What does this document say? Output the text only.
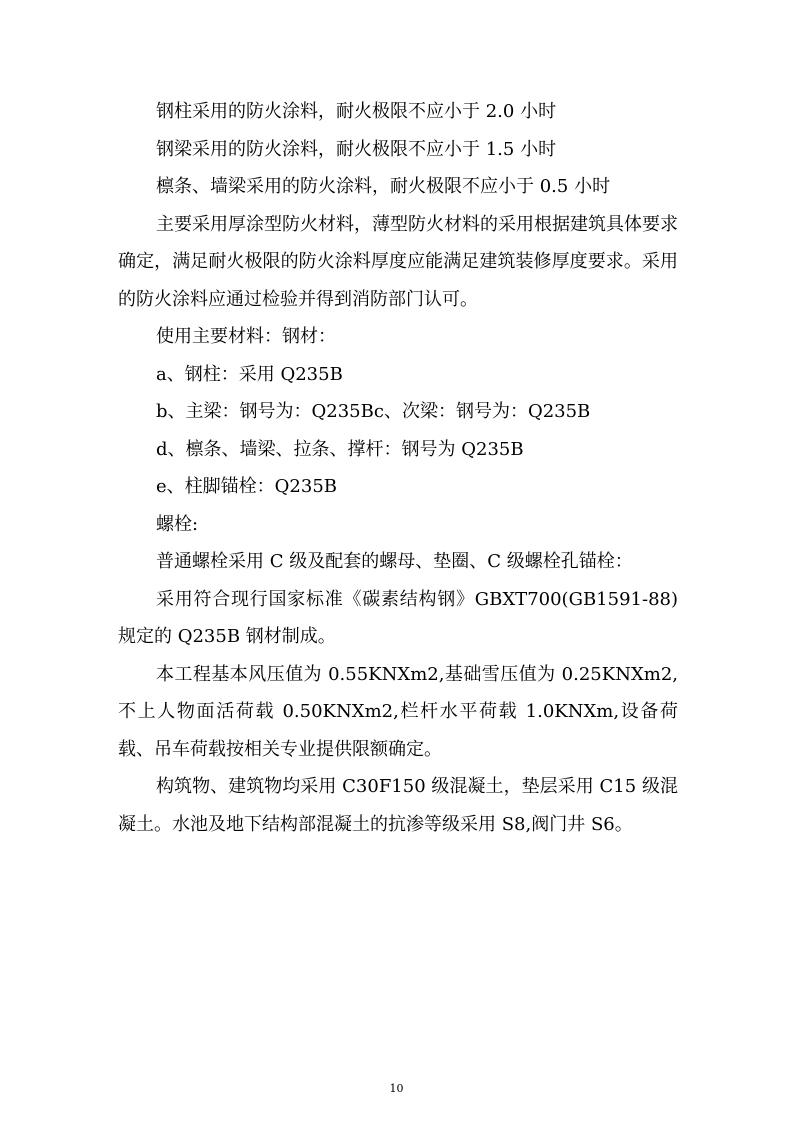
钢柱采用的防火涂料，耐火极限不应小于 2.0 小时

钢梁采用的防火涂料，耐火极限不应小于 1.5 小时

檩条、墙梁采用的防火涂料，耐火极限不应小于 0.5 小时

主要采用厚涂型防火材料，薄型防火材料的采用根据建筑具体要求确定，满足耐火极限的防火涂料厚度应能满足建筑装修厚度要求。采用的防火涂料应通过检验并得到消防部门认可。

使用主要材料：钢材：

a、钢柱：采用 Q235B

b、主梁：钢号为：Q235Bc、次梁：钢号为：Q235B

d、檩条、墙梁、拉条、撑杆：钢号为 Q235B

e、柱脚锚栓：Q235B

螺栓:

普通螺栓采用 C 级及配套的螺母、垫圈、C 级螺栓孔锚栓：

采用符合现行国家标准《碳素结构钢》GBXT700(GB1591-88)规定的 Q235B 钢材制成。

本工程基本风压值为 0.55KNXm2,基础雪压值为 0.25KNXm2,不上人物面活荷载 0.50KNXm2,栏杆水平荷载 1.0KNXm,设备荷载、吊车荷载按相关专业提供限额确定。

构筑物、建筑物均采用 C30F150 级混凝土，垫层采用 C15 级混凝土。水池及地下结构部混凝土的抗渗等级采用 S8,阀门井 S6。

10
